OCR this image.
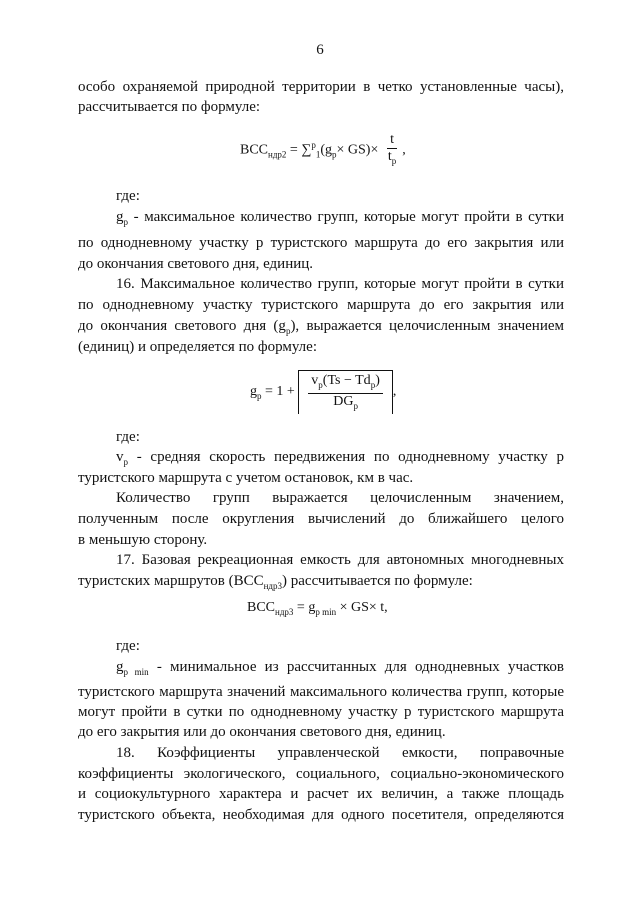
6
особо охраняемой природной территории в четко установленные часы),
рассчитывается по формуле:
$BCC_{ндр2} = \sum^p_1(g_p\times GS)\times \frac{t}{t_p}$ ,
где:
$g_p$ - максимальное количество групп, которые могут пройти в сутки
по однодневному участку p туристского маршрута до его закрытия или
до окончания светового дня, единиц.
16. Максимальное количество групп, которые могут пройти в сутки
по однодневному участку туристского маршрута до его закрытия или
до окончания светового дня $(g_p)$, выражается целочисленным значением
(единиц) и определяется по формуле:
$g_p = 1 + \frac{v_p(Ts - Td_p)}{DG_p}$ ,
где:
$v_p$ - средняя скорость передвижения по однодневному участку p
туристского маршрута с учетом остановок, км в час.
Количество групп выражается целочисленным значением,
полученным после округления вычислений до ближайшего целого
в меньшую сторону.
17. Базовая рекреационная емкость для автономных многодневных
туристских маршрутов $(BCC_{ндр3})$ рассчитывается по формуле:
$BCC_{ндр3} = g_{p min} \times GS\times t$,
где:
$g_{p min}$ - минимальное из рассчитанных для однодневных участков
туристского маршрута значений максимального количества групп, которые
могут пройти в сутки по однодневному участку p туристского маршрута
до его закрытия или до окончания светового дня, единиц.
18. Коэффициенты управленческой емкости, поправочные
коэффициенты экологического, социального, социально-экономического
и социокультурного характера и расчет их величин, а также площадь
туристского объекта, необходимая для одного посетителя, определяются
